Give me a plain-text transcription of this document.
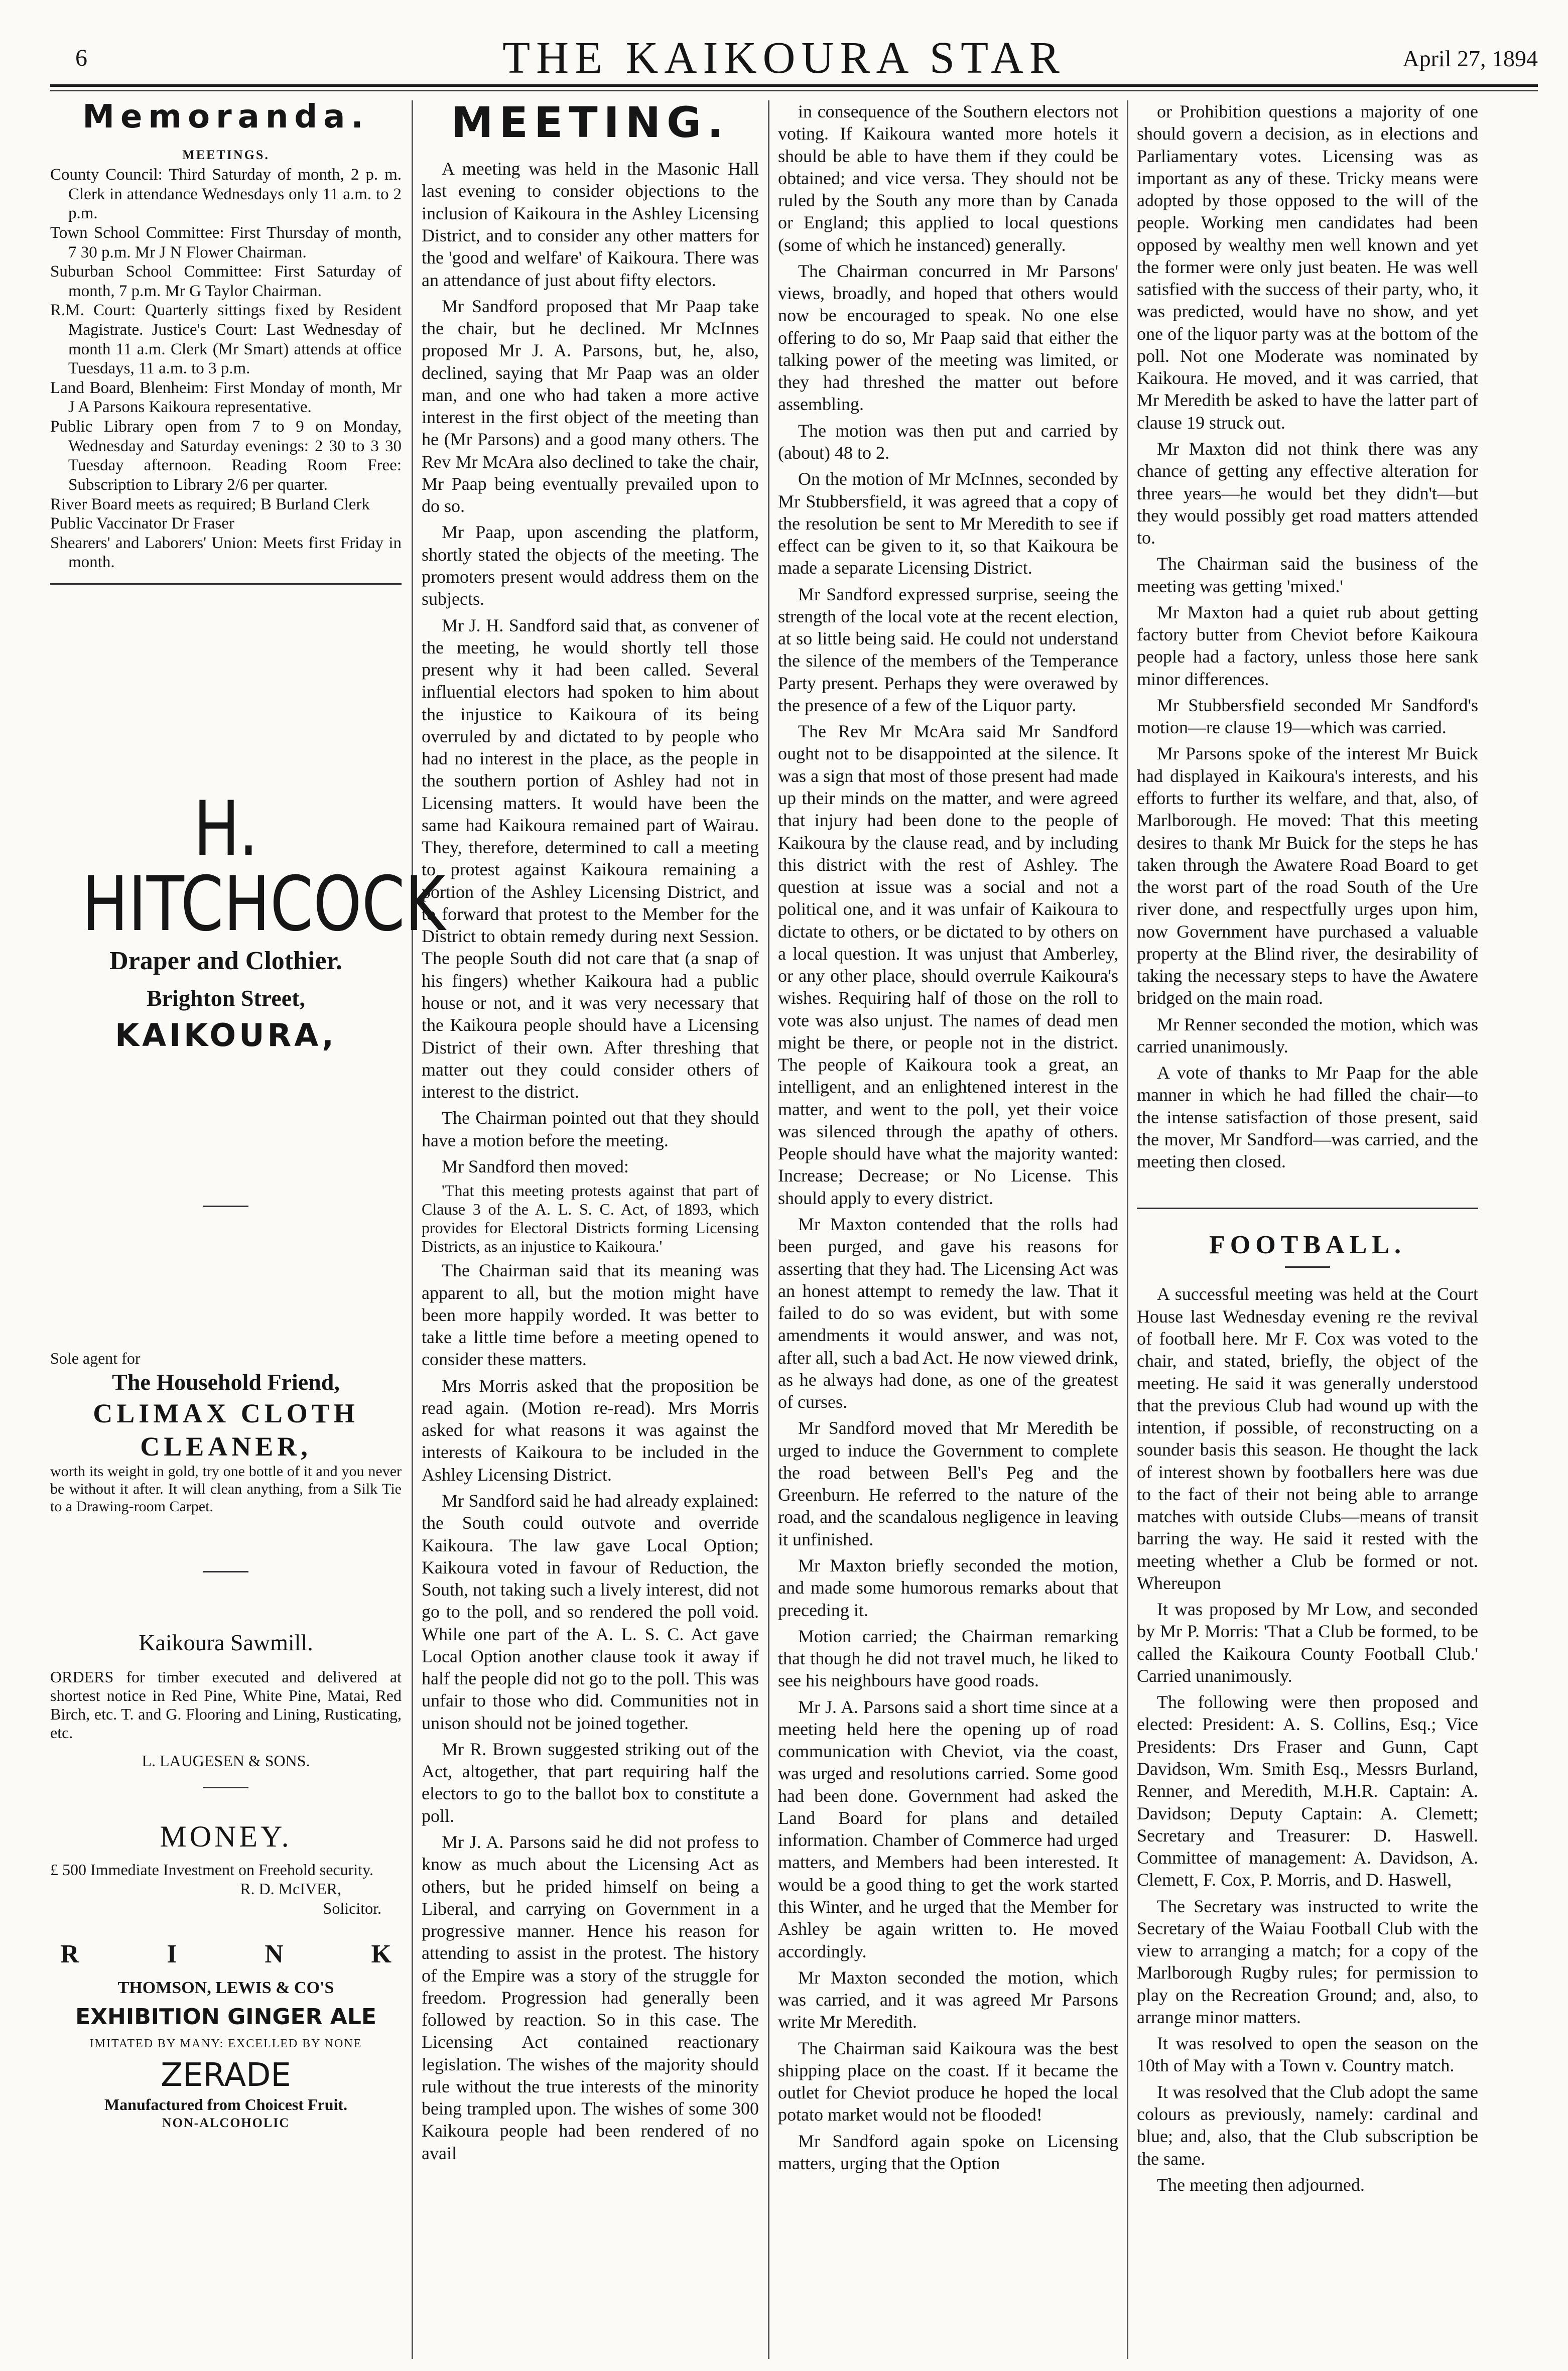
6	THE KAIKOURA STAR	April 27, 1894
Memoranda.
MEETINGS.

County Council: Third Saturday of month, 2 p. m. Clerk in attendance Wednesdays only 11 a.m. to 2 p.m.

Town School Committee: First Thursday of month, 7 30 p.m. Mr J N Flower Chairman.

Suburban School Committee: First Saturday of month, 7 p.m. Mr G Taylor Chairman.

R.M. Court: Quarterly sittings fixed by Resident Magistrate. Justice's Court: Last Wednesday of month 11 a.m. Clerk (Mr Smart) attends at office Tuesdays, 11 a.m. to 3 p.m.

Land Board, Blenheim: First Monday of month, Mr J A Parsons Kaikoura representative.

Public Library open from 7 to 9 on Monday, Wednesday and Saturday evenings: 2 30 to 3 30 Tuesday afternoon. Reading Room Free: Subscription to Library 2/6 per quarter.

River Board meets as required; B Burland Clerk

Public Vaccinator Dr Fraser

Shearers' and Laborers' Union: Meets first Friday in month.

H. HITCHCOCK
Draper and Clothier.
Brighton Street,
KAIKOURA,
Sole agent for
The Household Friend,
CLIMAX CLOTH
CLEANER,
worth its weight in gold, try one bottle of it and you never be without it after. It will clean anything, from a Silk Tie to a Drawing-room Carpet.
Kaikoura Sawmill.
ORDERS for timber executed and delivered at shortest notice in Red Pine, White Pine, Matai, Red Birch, etc. T. and G. Flooring and Lining, Rusticating, etc.
L. LAUGESEN & SONS.
MONEY.
£ 500 Immediate Investment on Freehold security.
R. D. McIVER,
Solicitor.
R	I	N	K
THOMSON, LEWIS & CO'S
EXHIBITION GINGER ALE
IMITATED BY MANY: EXCELLED BY NONE
ZERADE
Manufactured from Choicest Fruit.
NON-ALCOHOLIC
MEETING.

A meeting was held in the Masonic Hall last evening to consider objections to the inclusion of Kaikoura in the Ashley Licensing District, and to consider any other matters for the 'good and welfare' of Kaikoura. There was an attendance of just about fifty electors.

Mr Sandford proposed that Mr Paap take the chair, but he declined. Mr McInnes proposed Mr J. A. Parsons, but, he, also, declined, saying that Mr Paap was an older man, and one who had taken a more active interest in the first object of the meeting than he (Mr Parsons) and a good many others. The Rev Mr McAra also declined to take the chair, Mr Paap being eventually prevailed upon to do so.

Mr Paap, upon ascending the platform, shortly stated the objects of the meeting. The promoters present would address them on the subjects.

Mr J. H. Sandford said that, as convener of the meeting, he would shortly tell those present why it had been called. Several influential electors had spoken to him about the injustice to Kaikoura of its being overruled by and dictated to by people who had no interest in the place, as the people in the southern portion of Ashley had not in Licensing matters. It would have been the same had Kaikoura remained part of Wairau. They, therefore, determined to call a meeting to protest against Kaikoura remaining a portion of the Ashley Licensing District, and to forward that protest to the Member for the District to obtain remedy during next Session. The people South did not care that (a snap of his fingers) whether Kaikoura had a public house or not, and it was very necessary that the Kaikoura people should have a Licensing District of their own. After threshing that matter out they could consider others of interest to the district.

The Chairman pointed out that they should have a motion before the meeting.

Mr Sandford then moved:

'That this meeting protests against that part of Clause 3 of the A. L. S. C. Act, of 1893, which provides for Electoral Districts forming Licensing Districts, as an injustice to Kaikoura.'

The Chairman said that its meaning was apparent to all, but the motion might have been more happily worded. It was better to take a little time before a meeting opened to consider these matters.

Mrs Morris asked that the proposition be read again. (Motion re-read). Mrs Morris asked for what reasons it was against the interests of Kaikoura to be included in the Ashley Licensing District.

Mr Sandford said he had already explained: the South could outvote and override Kaikoura. The law gave Local Option; Kaikoura voted in favour of Reduction, the South, not taking such a lively interest, did not go to the poll, and so rendered the poll void. While one part of the A. L. S. C. Act gave Local Option another clause took it away if half the people did not go to the poll. This was unfair to those who did. Communities not in unison should not be joined together.

Mr R. Brown suggested striking out of the Act, altogether, that part requiring half the electors to go to the ballot box to constitute a poll.

Mr J. A. Parsons said he did not profess to know as much about the Licensing Act as others, but he prided himself on being a Liberal, and carrying on Government in a progressive manner. Hence his reason for attending to assist in the protest. The history of the Empire was a story of the struggle for freedom. Progression had generally been followed by reaction. So in this case. The Licensing Act contained reactionary legislation. The wishes of the majority should rule without the true interests of the minority being trampled upon. The wishes of some 300 Kaikoura people had been rendered of no avail

in consequence of the Southern electors not voting. If Kaikoura wanted more hotels it should be able to have them if they could be obtained; and vice versa. They should not be ruled by the South any more than by Canada or England; this applied to local questions (some of which he instanced) generally.

The Chairman concurred in Mr Parsons' views, broadly, and hoped that others would now be encouraged to speak. No one else offering to do so, Mr Paap said that either the talking power of the meeting was limited, or they had threshed the matter out before assembling.

The motion was then put and carried by (about) 48 to 2.

On the motion of Mr McInnes, seconded by Mr Stubbersfield, it was agreed that a copy of the resolution be sent to Mr Meredith to see if effect can be given to it, so that Kaikoura be made a separate Licensing District.

Mr Sandford expressed surprise, seeing the strength of the local vote at the recent election, at so little being said. He could not understand the silence of the members of the Temperance Party present. Perhaps they were overawed by the presence of a few of the Liquor party.

The Rev Mr McAra said Mr Sandford ought not to be disappointed at the silence. It was a sign that most of those present had made up their minds on the matter, and were agreed that injury had been done to the people of Kaikoura by the clause read, and by including this district with the rest of Ashley. The question at issue was a social and not a political one, and it was unfair of Kaikoura to dictate to others, or be dictated to by others on a local question. It was unjust that Amberley, or any other place, should overrule Kaikoura's wishes. Requiring half of those on the roll to vote was also unjust. The names of dead men might be there, or people not in the district. The people of Kaikoura took a great, an intelligent, and an enlightened interest in the matter, and went to the poll, yet their voice was silenced through the apathy of others. People should have what the majority wanted: Increase; Decrease; or No License. This should apply to every district.

Mr Maxton contended that the rolls had been purged, and gave his reasons for asserting that they had. The Licensing Act was an honest attempt to remedy the law. That it failed to do so was evident, but with some amendments it would answer, and was not, after all, such a bad Act. He now viewed drink, as he always had done, as one of the greatest of curses.

Mr Sandford moved that Mr Meredith be urged to induce the Government to complete the road between Bell's Peg and the Greenburn. He referred to the nature of the road, and the scandalous negligence in leaving it unfinished.

Mr Maxton briefly seconded the motion, and made some humorous remarks about that preceding it.

Motion carried; the Chairman remarking that though he did not travel much, he liked to see his neighbours have good roads.

Mr J. A. Parsons said a short time since at a meeting held here the opening up of road communication with Cheviot, via the coast, was urged and resolutions carried. Some good had been done. Government had asked the Land Board for plans and detailed information. Chamber of Commerce had urged matters, and Members had been interested. It would be a good thing to get the work started this Winter, and he urged that the Member for Ashley be again written to. He moved accordingly.

Mr Maxton seconded the motion, which was carried, and it was agreed Mr Parsons write Mr Meredith.

The Chairman said Kaikoura was the best shipping place on the coast. If it became the outlet for Cheviot produce he hoped the local potato market would not be flooded!

Mr Sandford again spoke on Licensing matters, urging that the Option

or Prohibition questions a majority of one should govern a decision, as in elections and Parliamentary votes. Licensing was as important as any of these. Tricky means were adopted by those opposed to the will of the people. Working men candidates had been opposed by wealthy men well known and yet the former were only just beaten. He was well satisfied with the success of their party, who, it was predicted, would have no show, and yet one of the liquor party was at the bottom of the poll. Not one Moderate was nominated by Kaikoura. He moved, and it was carried, that Mr Meredith be asked to have the latter part of clause 19 struck out.

Mr Maxton did not think there was any chance of getting any effective alteration for three years—he would bet they didn't—but they would possibly get road matters attended to.

The Chairman said the business of the meeting was getting 'mixed.'

Mr Maxton had a quiet rub about getting factory butter from Cheviot before Kaikoura people had a factory, unless those here sank minor differences.

Mr Stubbersfield seconded Mr Sandford's motion—re clause 19—which was carried.

Mr Parsons spoke of the interest Mr Buick had displayed in Kaikoura's interests, and his efforts to further its welfare, and that, also, of Marlborough. He moved: That this meeting desires to thank Mr Buick for the steps he has taken through the Awatere Road Board to get the worst part of the road South of the Ure river done, and respectfully urges upon him, now Government have purchased a valuable property at the Blind river, the desirability of taking the necessary steps to have the Awatere bridged on the main road.

Mr Renner seconded the motion, which was carried unanimously.

A vote of thanks to Mr Paap for the able manner in which he had filled the chair—to the intense satisfaction of those present, said the mover, Mr Sandford—was carried, and the meeting then closed.

FOOTBALL.

A successful meeting was held at the Court House last Wednesday evening re the revival of football here. Mr F. Cox was voted to the chair, and stated, briefly, the object of the meeting. He said it was generally understood that the previous Club had wound up with the intention, if possible, of reconstructing on a sounder basis this season. He thought the lack of interest shown by footballers here was due to the fact of their not being able to arrange matches with outside Clubs—means of transit barring the way. He said it rested with the meeting whether a Club be formed or not. Whereupon

It was proposed by Mr Low, and seconded by Mr P. Morris: 'That a Club be formed, to be called the Kaikoura County Football Club.' Carried unanimously.

The following were then proposed and elected: President: A. S. Collins, Esq.; Vice Presidents: Drs Fraser and Gunn, Capt Davidson, Wm. Smith Esq., Messrs Burland, Renner, and Meredith, M.H.R. Captain: A. Davidson; Deputy Captain: A. Clemett; Secretary and Treasurer: D. Haswell. Committee of management: A. Davidson, A. Clemett, F. Cox, P. Morris, and D. Haswell,

The Secretary was instructed to write the Secretary of the Waiau Football Club with the view to arranging a match; for a copy of the Marlborough Rugby rules; for permission to play on the Recreation Ground; and, also, to arrange minor matters.

It was resolved to open the season on the 10th of May with a Town v. Country match.

It was resolved that the Club adopt the same colours as previously, namely: cardinal and blue; and, also, that the Club subscription be the same.

The meeting then adjourned.
